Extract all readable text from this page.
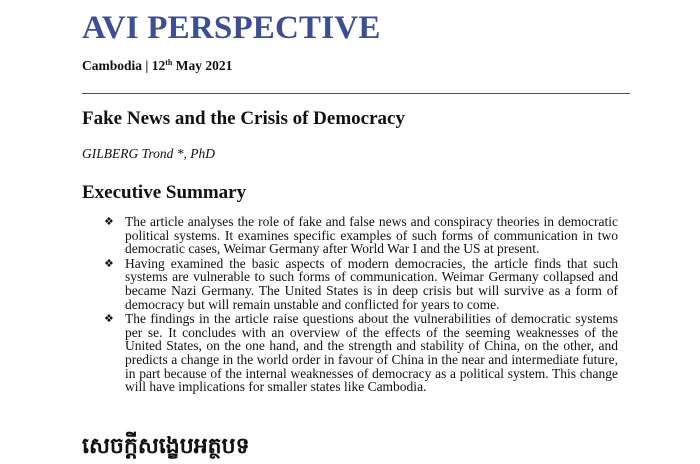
AVI PERSPECTIVE
Cambodia | 12th May 2021
Fake News and the Crisis of Democracy
GILBERG Trond *, PhD
Executive Summary
❖ The article analyses the role of fake and false news and conspiracy theories in democratic political systems. It examines specific examples of such forms of communication in two democratic cases, Weimar Germany after World War I and the US at present.
❖ Having examined the basic aspects of modern democracies, the article finds that such systems are vulnerable to such forms of communication. Weimar Germany collapsed and became Nazi Germany. The United States is in deep crisis but will survive as a form of democracy but will remain unstable and conflicted for years to come.
❖ The findings in the article raise questions about the vulnerabilities of democratic systems per se. It concludes with an overview of the effects of the seeming weaknesses of the United States, on the one hand, and the strength and stability of China, on the other, and predicts a change in the world order in favour of China in the near and intermediate future, in part because of the internal weaknesses of democracy as a political system. This change will have implications for smaller states like Cambodia.
សេចក្តីសង្ខេបអត្ថបទ
